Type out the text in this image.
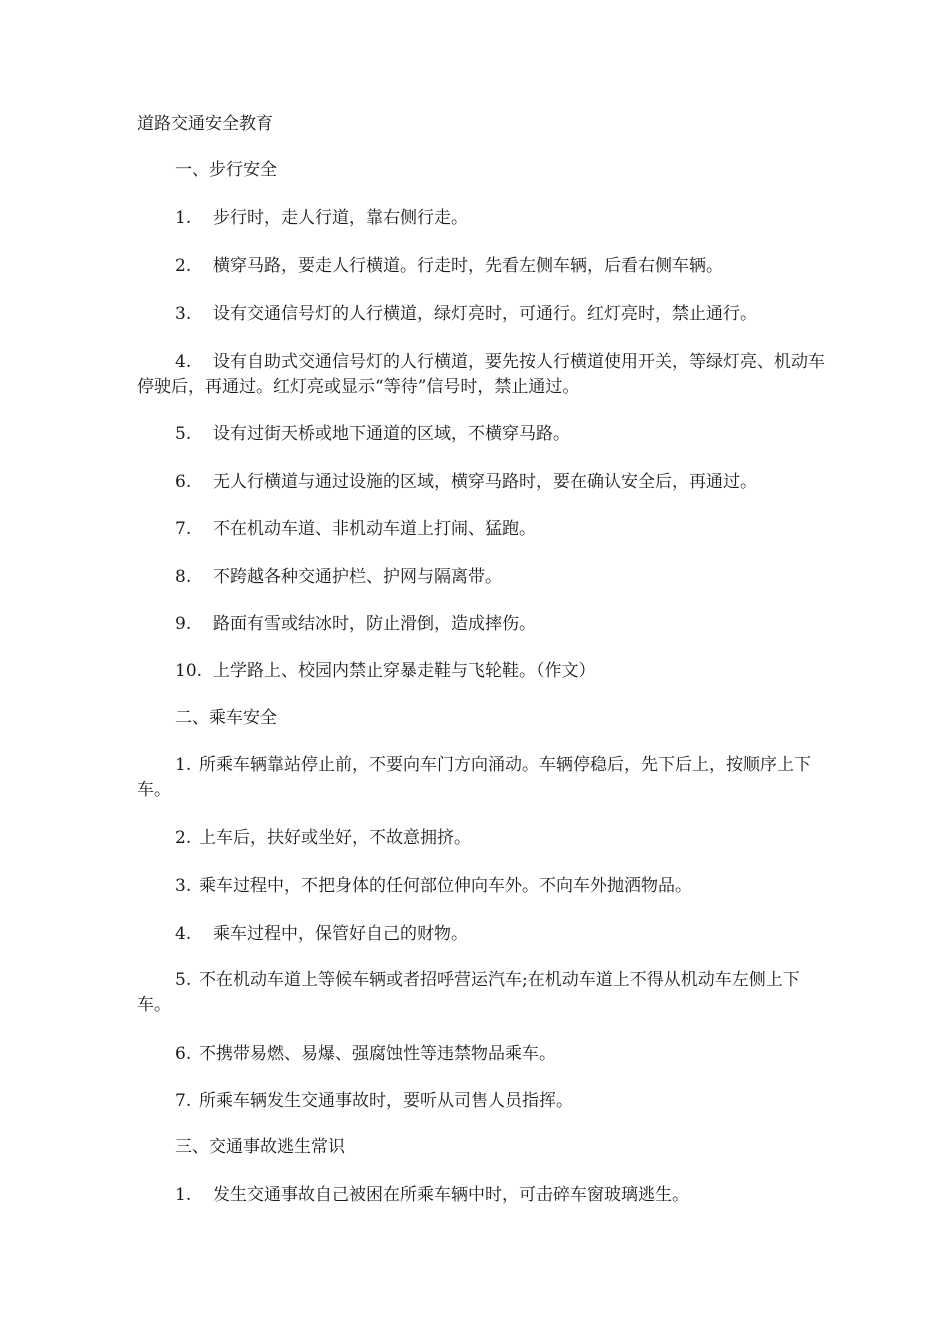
道路交通安全教育

一、步行安全

1. 步行时，走人行道，靠右侧行走。

2. 横穿马路，要走人行横道。行走时，先看左侧车辆，后看右侧车辆。

3. 设有交通信号灯的人行横道，绿灯亮时，可通行。红灯亮时，禁止通行。

4. 设有自助式交通信号灯的人行横道，要先按人行横道使用开关，等绿灯亮、机动车停驶后，再通过。红灯亮或显示“等待”信号时，禁止通过。

5. 设有过街天桥或地下通道的区域，不横穿马路。

6. 无人行横道与通过设施的区域，横穿马路时，要在确认安全后，再通过。

7. 不在机动车道、非机动车道上打闹、猛跑。

8. 不跨越各种交通护栏、护网与隔离带。

9. 路面有雪或结冰时，防止滑倒，造成摔伤。

10. 上学路上、校园内禁止穿暴走鞋与飞轮鞋。（作文）

二、乘车安全

1. 所乘车辆靠站停止前，不要向车门方向涌动。车辆停稳后，先下后上，按顺序上下车。

2. 上车后，扶好或坐好，不故意拥挤。

3. 乘车过程中，不把身体的任何部位伸向车外。不向车外抛洒物品。

4. 乘车过程中，保管好自己的财物。

5. 不在机动车道上等候车辆或者招呼营运汽车;在机动车道上不得从机动车左侧上下车。

6. 不携带易燃、易爆、强腐蚀性等违禁物品乘车。

7. 所乘车辆发生交通事故时，要听从司售人员指挥。

三、交通事故逃生常识

1. 发生交通事故自己被困在所乘车辆中时，可击碎车窗玻璃逃生。
